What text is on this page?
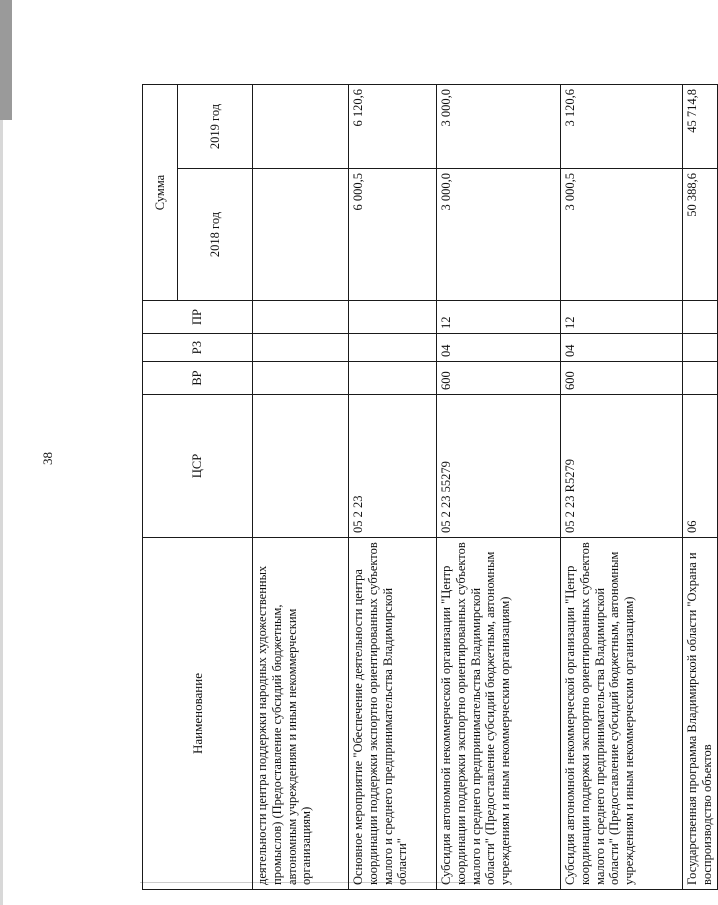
38
Наименование	ЦСР	ВР	РЗ	ПР	Сумма	
					2018 год	2019 год
деятельности центра поддержки народных художественных промыслов) (Предоставление субсидий бюджетным, автономным учреждениям и иным некоммерческим организациям)						
Основное мероприятие "Обеспечение деятельности центра координации поддержки экспортно ориентированных субъектов малого и среднего предпринимательства Владимирской области"	05 2 23				6 000,5	6 120,6
Субсидия автономной некоммерческой организации "Центр координации поддержки экспортно ориентированных субъектов малого и среднего предпринимательства Владимирской области" (Предоставление субсидий бюджетным, автономным учреждениям и иным некоммерческим организациям)	05 2 23 55279	600	04	12	3 000,0	3 000,0
Субсидия автономной некоммерческой организации "Центр координации поддержки экспортно ориентированных субъектов малого и среднего предпринимательства Владимирской области" (Предоставление субсидий бюджетным, автономным учреждениям и иным некоммерческим организациям)	05 2 23 R5279	600	04	12	3 000,5	3 120,6
Государственная программа Владимирской области "Охрана и воспроизводство объектов	06				50 388,6	45 714,8
